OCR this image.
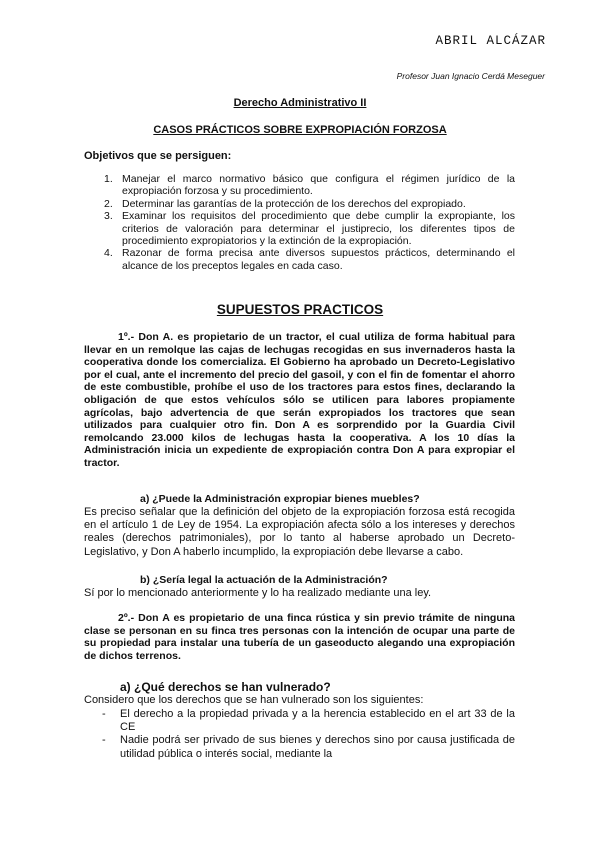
ABRIL ALCÁZAR
Profesor Juan Ignacio Cerdá Meseguer
Derecho Administrativo II
CASOS PRÁCTICOS SOBRE EXPROPIACIÓN FORZOSA
Objetivos que se persiguen:
1. Manejar el marco normativo básico que configura el régimen jurídico de la expropiación forzosa y su procedimiento.
2. Determinar las garantías de la protección de los derechos del expropiado.
3. Examinar los requisitos del procedimiento que debe cumplir la expropiante, los criterios de valoración para determinar el justiprecio, los diferentes tipos de procedimiento expropiatorios y la extinción de la expropiación.
4. Razonar de forma precisa ante diversos supuestos prácticos, determinando el alcance de los preceptos legales en cada caso.
SUPUESTOS PRACTICOS

1º.- Don A. es propietario de un tractor, el cual utiliza de forma habitual para llevar en un remolque las cajas de lechugas recogidas en sus invernaderos hasta la cooperativa donde los comercializa. El Gobierno ha aprobado un Decreto-Legislativo por el cual, ante el incremento del precio del gasoil, y con el fin de fomentar el ahorro de este combustible, prohíbe el uso de los tractores para estos fines, declarando la obligación de que estos vehículos sólo se utilicen para labores propiamente agrícolas, bajo advertencia de que serán expropiados los tractores que sean utilizados para cualquier otro fin. Don A es sorprendido por la Guardia Civil remolcando 23.000 kilos de lechugas hasta la cooperativa. A los 10 días la Administración inicia un expediente de expropiación contra Don A para expropiar el tractor.

a) ¿Puede la Administración expropiar bienes muebles?

Es preciso señalar que la definición del objeto de la expropiación forzosa está recogida en el artículo 1 de Ley de 1954. La expropiación afecta sólo a los intereses y derechos reales (derechos patrimoniales), por lo tanto al haberse aprobado un Decreto-Legislativo, y Don A haberlo incumplido, la expropiación debe llevarse a cabo.

b) ¿Sería legal la actuación de la Administración?

Sí por lo mencionado anteriormente y lo ha realizado mediante una ley.

2º.- Don A es propietario de una finca rústica y sin previo trámite de ninguna clase se personan en su finca tres personas con la intención de ocupar una parte de su propiedad para instalar una tubería de un gaseoducto alegando una expropiación de dichos terrenos.

a) ¿Qué derechos se han vulnerado?
Considero que los derechos que se han vulnerado son los siguientes:
- El derecho a la propiedad privada y a la herencia establecido en el art 33 de la CE
- Nadie podrá ser privado de sus bienes y derechos sino por causa justificada de utilidad pública o interés social, mediante la
